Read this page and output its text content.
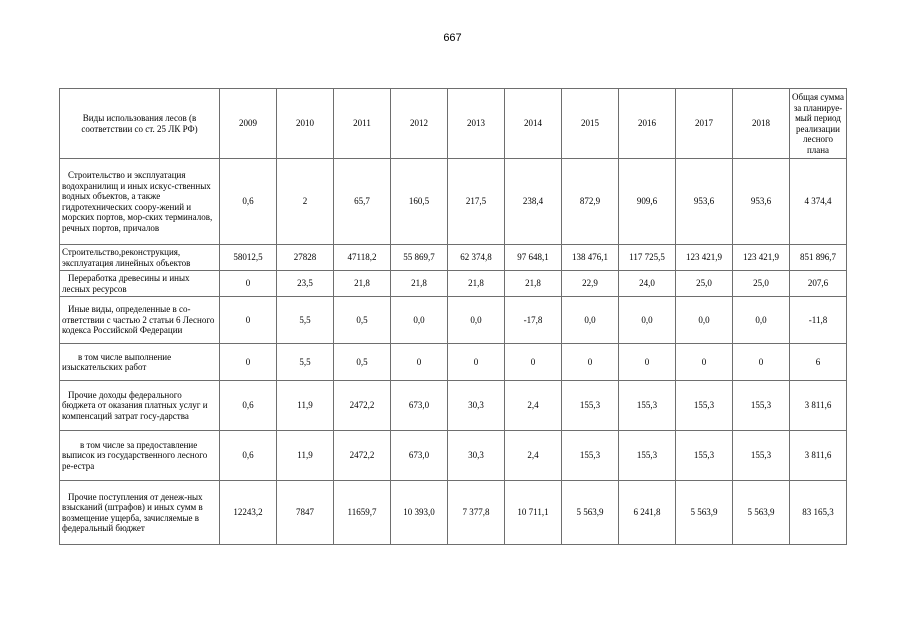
667
Виды использования лесов (в соответствии со ст. 25 ЛК РФ)	2009	2010	2011	2012	2013	2014	2015	2016	2017	2018	Общая сумма за планируе-мый период реализации лесного плана
Строительство и эксплуатация водохранилищ и иных искус-ственных водных объектов, а также гидротехнических соору-жений и морских портов, мор-ских терминалов, речных портов, причалов	0,6	2	65,7	160,5	217,5	238,4	872,9	909,6	953,6	953,6	4 374,4
Строительство,реконструкция, эксплуатация линейных объектов	58012,5	27828	47118,2	55 869,7	62 374,8	97 648,1	138 476,1	117 725,5	123 421,9	123 421,9	851 896,7
Переработка древесины и иных лесных ресурсов	0	23,5	21,8	21,8	21,8	21,8	22,9	24,0	25,0	25,0	207,6
Иные виды, определенные в со-ответствии с частью 2 статьи 6 Лесного кодекса Российской Федерации	0	5,5	0,5	0,0	0,0	-17,8	0,0	0,0	0,0	0,0	-11,8
в том числе выполнение изыскательских работ	0	5,5	0,5	0	0	0	0	0	0	0	6
Прочие доходы федерального бюджета от оказания платных услуг и компенсаций затрат госу-дарства	0,6	11,9	2472,2	673,0	30,3	2,4	155,3	155,3	155,3	155,3	3 811,6
в том числе за предоставление выписок из государственного лесного ре-естра	0,6	11,9	2472,2	673,0	30,3	2,4	155,3	155,3	155,3	155,3	3 811,6
Прочие поступления от денеж-ных взысканий (штрафов) и иных сумм в возмещение ущерба, зачисляемые в федеральный бюджет	12243,2	7847	11659,7	10 393,0	7 377,8	10 711,1	5 563,9	6 241,8	5 563,9	5 563,9	83 165,3
